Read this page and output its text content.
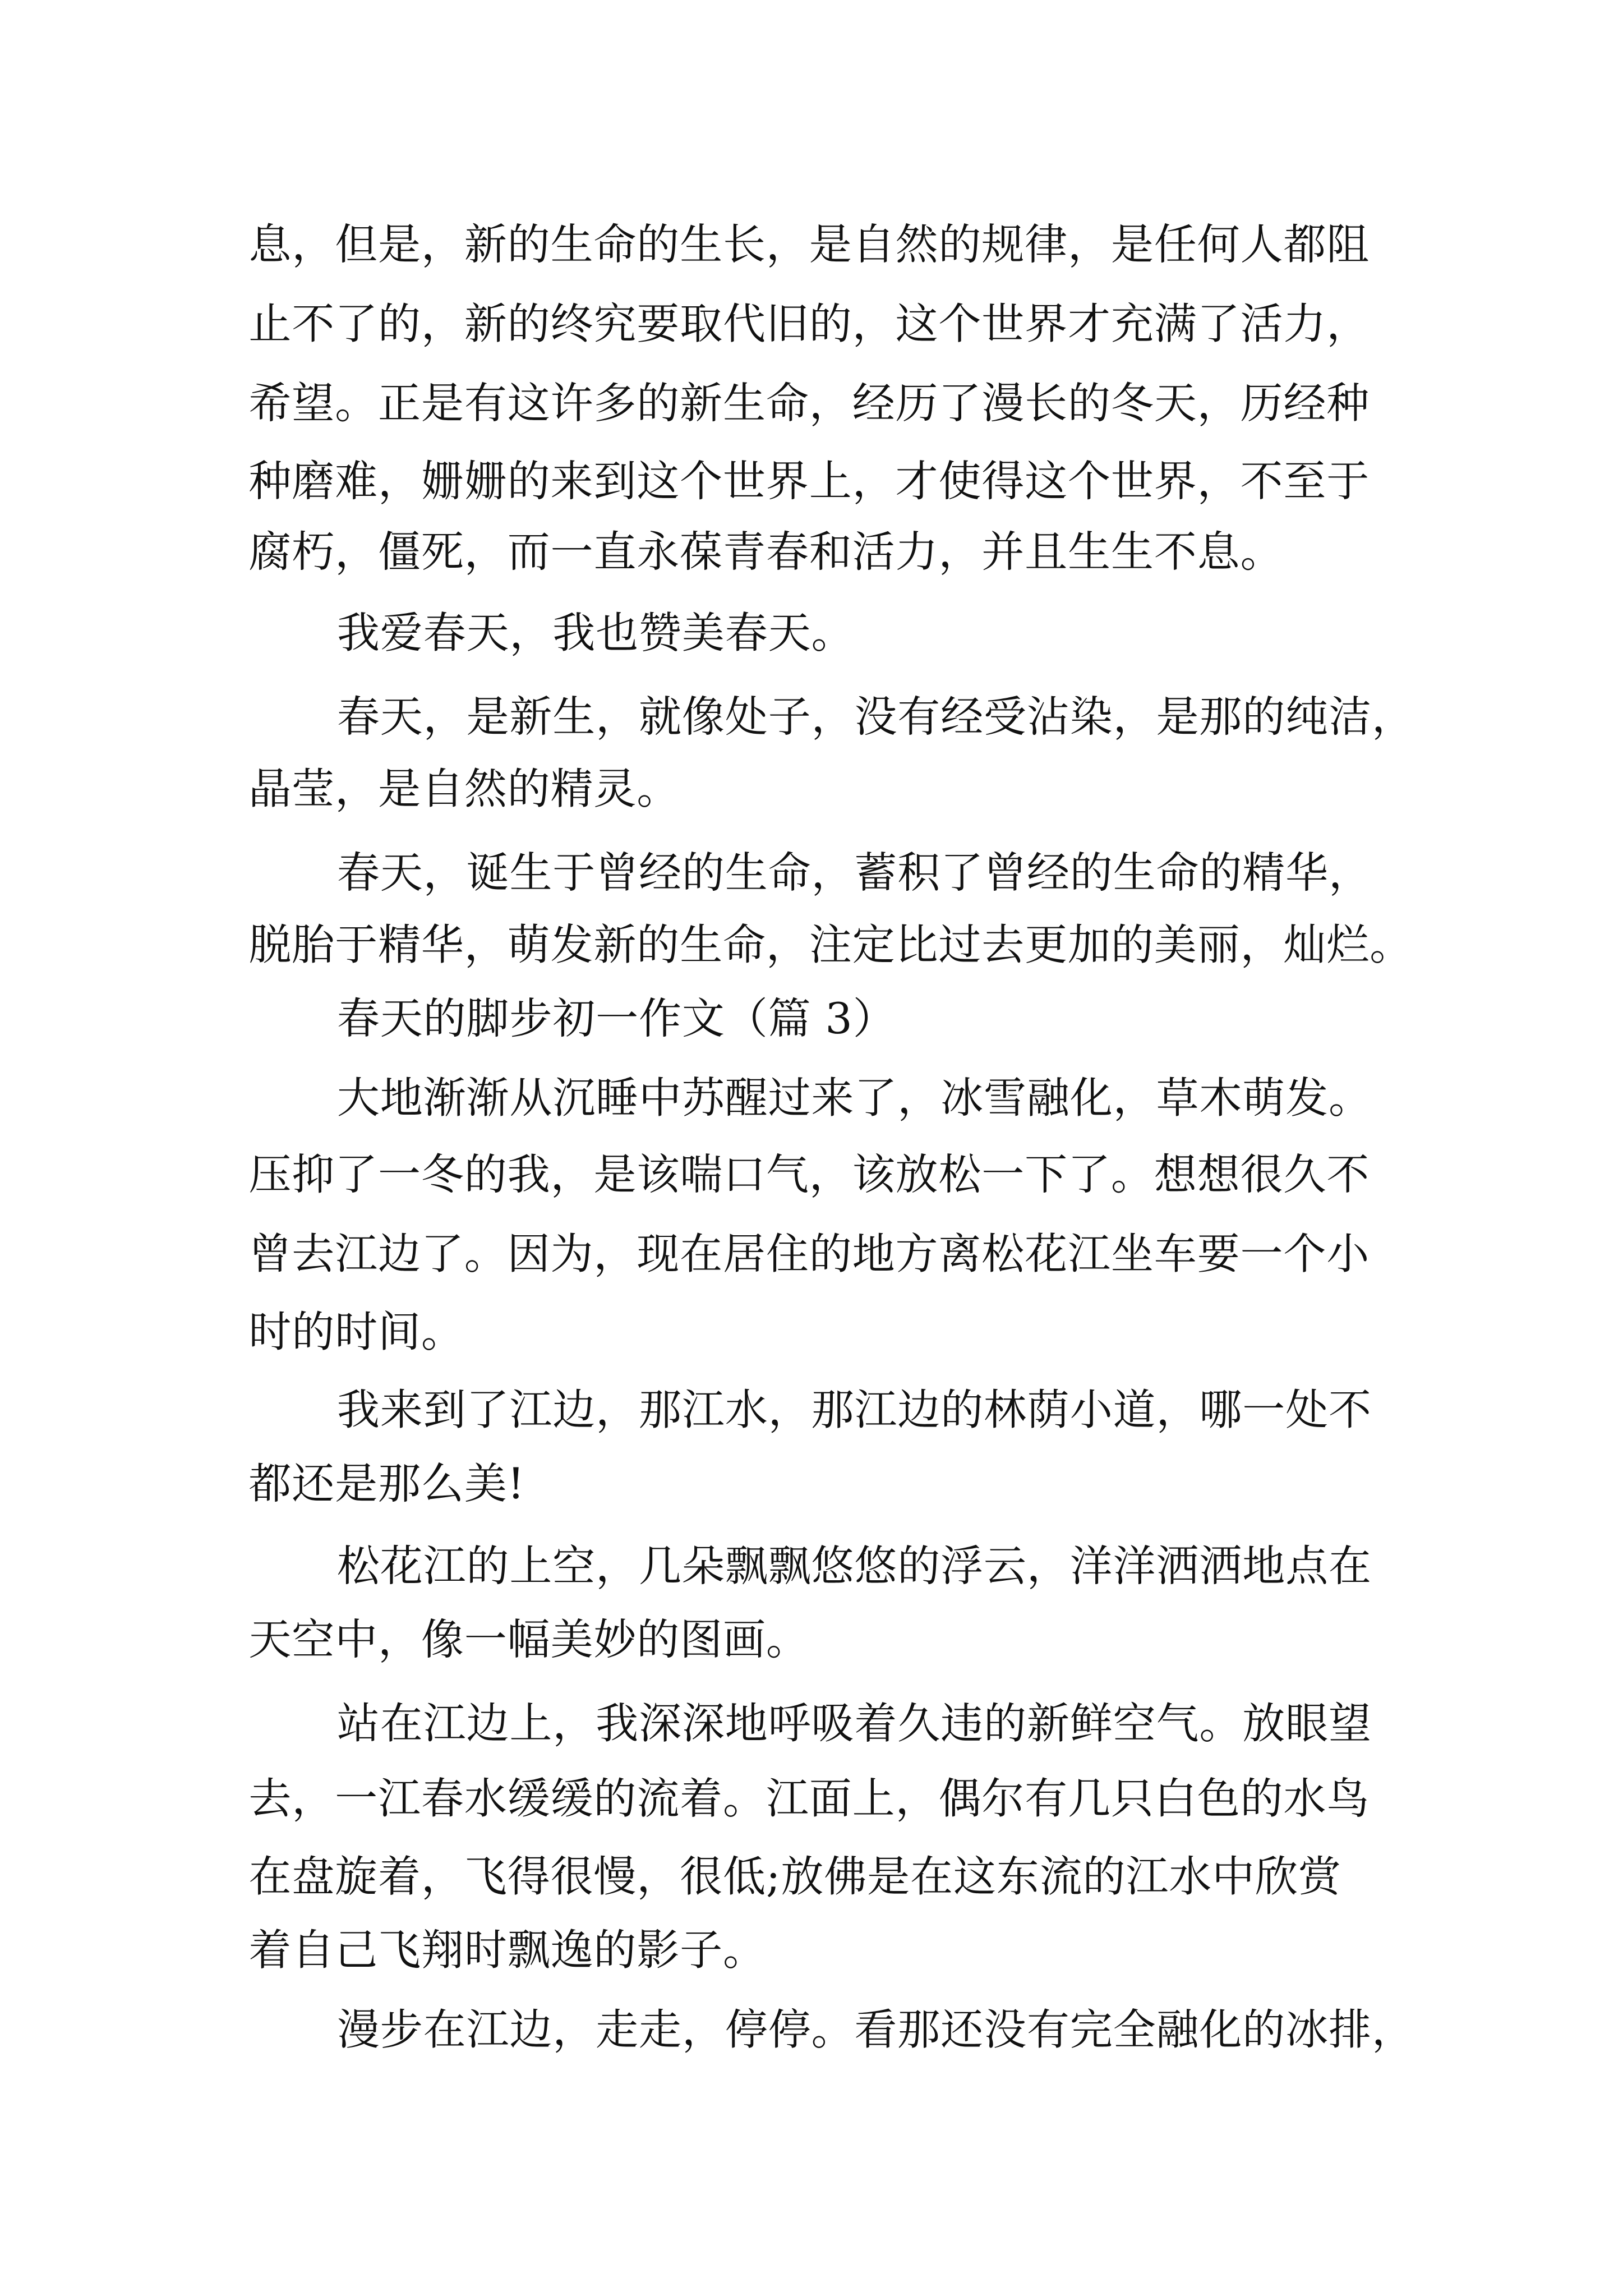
息，但是，新的生命的生长，是自然的规律，是任何人都阻
止不了的，新的终究要取代旧的，这个世界才充满了活力，
希望。正是有这许多的新生命，经历了漫长的冬天，历经种
种磨难，姗姗的来到这个世界上，才使得这个世界，不至于
腐朽，僵死，而一直永葆青春和活力，并且生生不息。
我爱春天，我也赞美春天。
春天，是新生，就像处子，没有经受沾染，是那的纯洁，
晶莹，是自然的精灵。
春天，诞生于曾经的生命，蓄积了曾经的生命的精华，
脱胎于精华，萌发新的生命，注定比过去更加的美丽，灿烂。
春天的脚步初一作文（篇 3）
大地渐渐从沉睡中苏醒过来了，冰雪融化，草木萌发。
压抑了一冬的我，是该喘口气，该放松一下了。想想很久不
曾去江边了。因为，现在居住的地方离松花江坐车要一个小
时的时间。
我来到了江边，那江水，那江边的林荫小道，哪一处不
都还是那么美!
松花江的上空，几朵飘飘悠悠的浮云，洋洋洒洒地点在
天空中，像一幅美妙的图画。
站在江边上，我深深地呼吸着久违的新鲜空气。放眼望
去，一江春水缓缓的流着。江面上，偶尔有几只白色的水鸟
在盘旋着，飞得很慢，很低;放佛是在这东流的江水中欣赏
着自己飞翔时飘逸的影子。
漫步在江边，走走，停停。看那还没有完全融化的冰排，
